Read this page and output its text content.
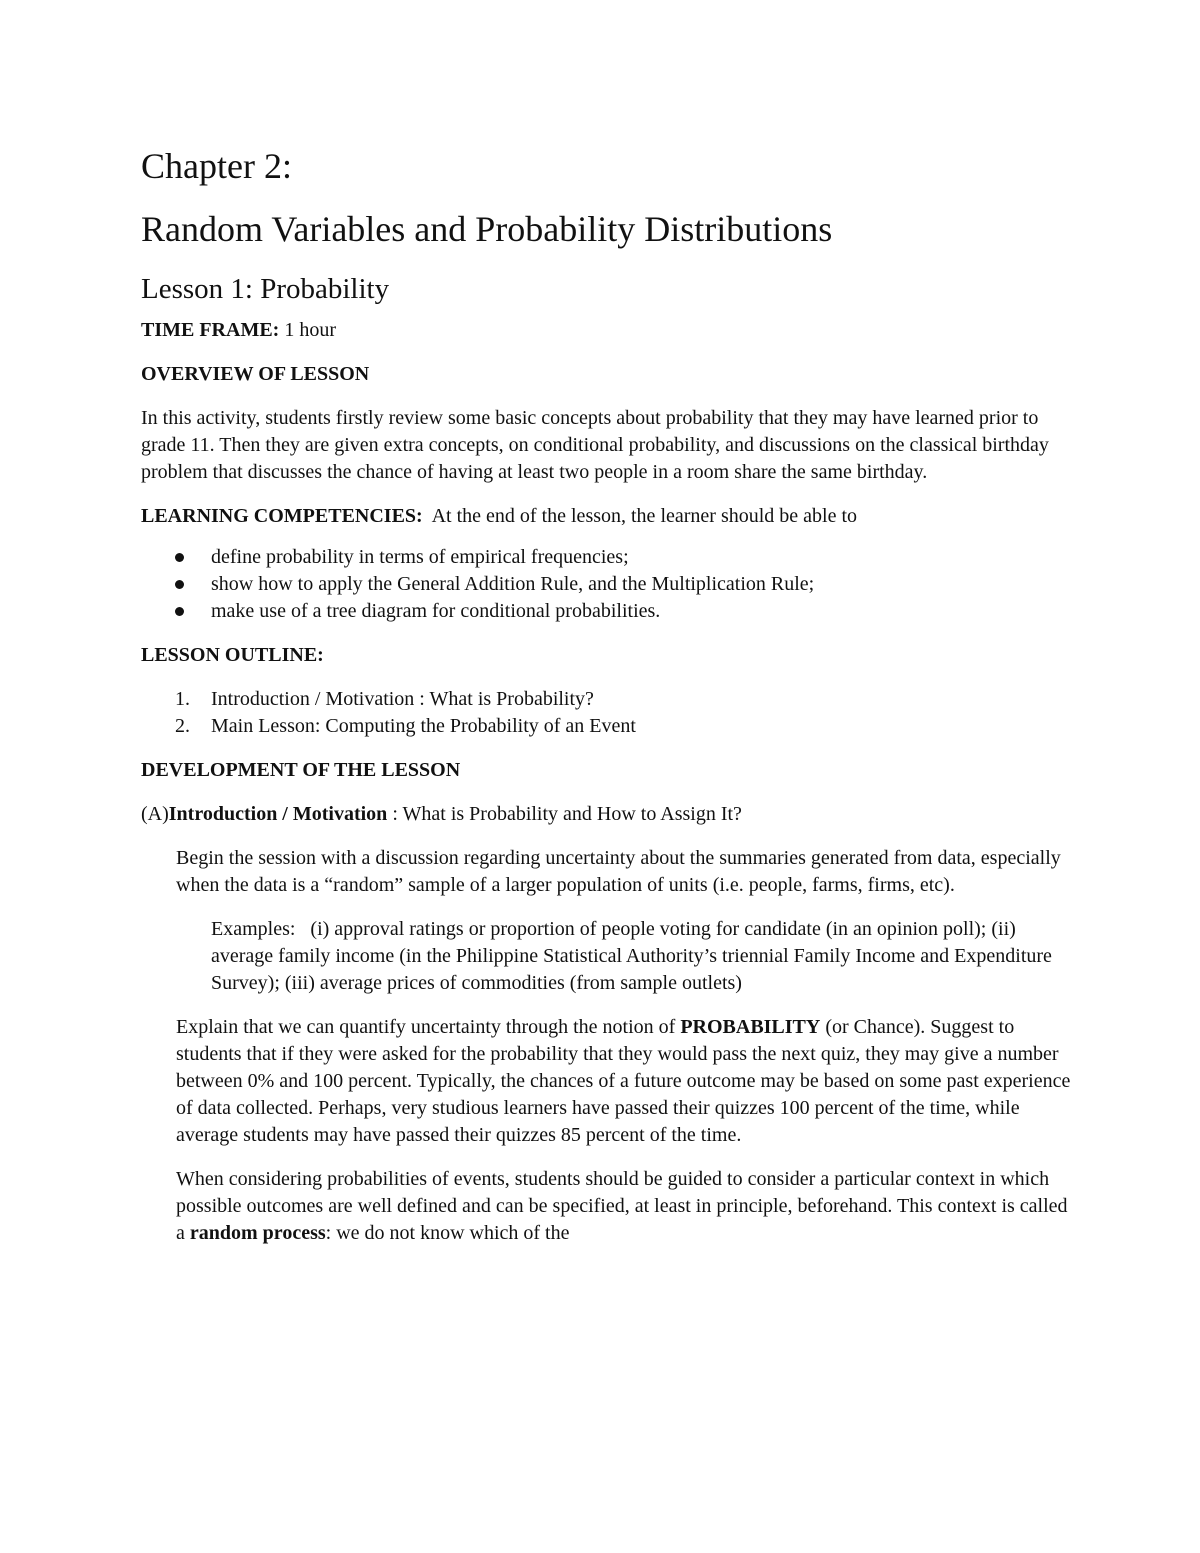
Chapter 2:
Random Variables and Probability Distributions
Lesson 1: Probability

TIME FRAME: 1 hour

OVERVIEW OF LESSON

In this activity, students firstly review some basic concepts about probability that they may have learned prior to grade 11. Then they are given extra concepts, on conditional probability, and discussions on the classical birthday problem that discusses the chance of having at least two people in a room share the same birthday.

LEARNING COMPETENCIES:  At the end of the lesson, the learner should be able to

define probability in terms of empirical frequencies;
show how to apply the General Addition Rule, and the Multiplication Rule;
make use of a tree diagram for conditional probabilities.

LESSON OUTLINE:

1. Introduction / Motivation : What is Probability?
2. Main Lesson: Computing the Probability of an Event

DEVELOPMENT OF THE LESSON

(A)Introduction / Motivation : What is Probability and How to Assign It?

Begin the session with a discussion regarding uncertainty about the summaries generated from data, especially when the data is a “random” sample of a larger population of units (i.e. people, farms, firms, etc).

Examples:   (i) approval ratings or proportion of people voting for candidate (in an opinion poll); (ii) average family income (in the Philippine Statistical Authority’s triennial Family Income and Expenditure Survey); (iii) average prices of commodities (from sample outlets)

Explain that we can quantify uncertainty through the notion of PROBABILITY (or Chance). Suggest to students that if they were asked for the probability that they would pass the next quiz, they may give a number between 0% and 100 percent. Typically, the chances of a future outcome may be based on some past experience of data collected. Perhaps, very studious learners have passed their quizzes 100 percent of the time, while average students may have passed their quizzes 85 percent of the time.

When considering probabilities of events, students should be guided to consider a particular context in which possible outcomes are well defined and can be specified, at least in principle, beforehand. This context is called a random process: we do not know which of the
